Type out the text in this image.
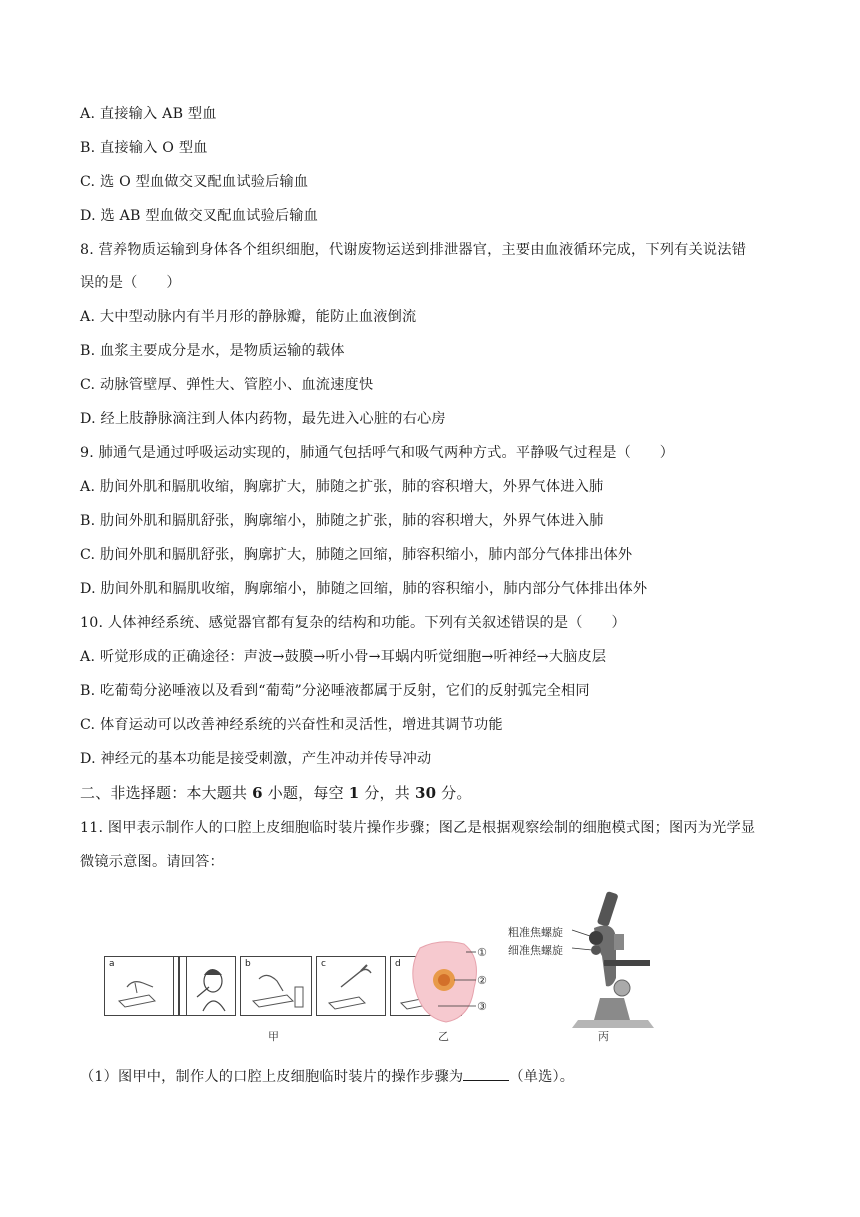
A. 直接输入 AB 型血
B. 直接输入 O 型血
C. 选 O 型血做交叉配血试验后输血
D. 选 AB 型血做交叉配血试验后输血
8. 营养物质运输到身体各个组织细胞，代谢废物运送到排泄器官，主要由血液循环完成，下列有关说法错
误的是（　　）
A. 大中型动脉内有半月形的静脉瓣，能防止血液倒流
B. 血浆主要成分是水，是物质运输的载体
C. 动脉管壁厚、弹性大、管腔小、血流速度快
D. 经上肢静脉滴注到人体内药物，最先进入心脏的右心房
9. 肺通气是通过呼吸运动实现的，肺通气包括呼气和吸气两种方式。平静吸气过程是（　　）
A. 肋间外肌和膈肌收缩，胸廓扩大，肺随之扩张，肺的容积增大，外界气体进入肺
B. 肋间外肌和膈肌舒张，胸廓缩小，肺随之扩张，肺的容积增大，外界气体进入肺
C. 肋间外肌和膈肌舒张，胸廓扩大，肺随之回缩，肺容积缩小，肺内部分气体排出体外
D. 肋间外肌和膈肌收缩，胸廓缩小，肺随之回缩，肺的容积缩小，肺内部分气体排出体外
10. 人体神经系统、感觉器官都有复杂的结构和功能。下列有关叙述错误的是（　　）
A. 听觉形成的正确途径：声波→鼓膜→听小骨→耳蜗内听觉细胞→听神经→大脑皮层
B. 吃葡萄分泌唾液以及看到“葡萄”分泌唾液都属于反射，它们的反射弧完全相同
C. 体育运动可以改善神经系统的兴奋性和灵活性，增进其调节功能
D. 神经元的基本功能是接受刺激，产生冲动并传导冲动
二、非选择题：本大题共 6 小题，每空 1 分，共 30 分。
11. 图甲表示制作人的口腔上皮细胞临时装片操作步骤；图乙是根据观察绘制的细胞模式图；图丙为光学显
微镜示意图。请回答：
a	b	c	d
①
②
③
粗准焦螺旋
细准焦螺旋
甲	乙	丙
（1）图甲中，制作人的口腔上皮细胞临时装片的操作步骤为	（单选）。
